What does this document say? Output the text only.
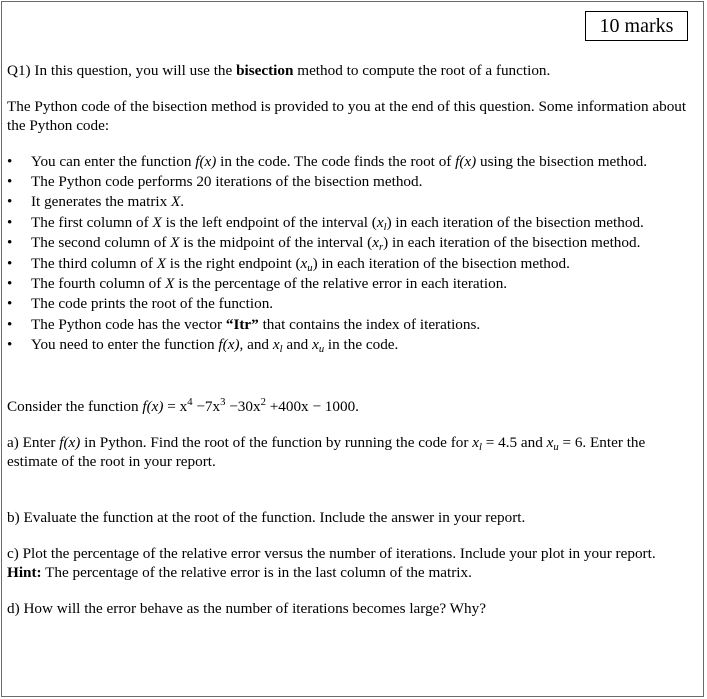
10 marks

Q1) In this question, you will use the bisection method to compute the root of a function.

The Python code of the bisection method is provided to you at the end of this question. Some information about the Python code:

• You can enter the function f(x) in the code. The code finds the root of f(x) using the bisection method.
• The Python code performs 20 iterations of the bisection method.
• It generates the matrix X.
• The first column of X is the left endpoint of the interval $(x_l)$ in each iteration of the bisection method.
• The second column of X is the midpoint of the interval $(x_r)$ in each iteration of the bisection method.
• The third column of X is the right endpoint $(x_u)$ in each iteration of the bisection method.
• The fourth column of X is the percentage of the relative error in each iteration.
• The code prints the root of the function.
• The Python code has the vector “Itr” that contains the index of iterations.
• You need to enter the function f(x), and $x_l$ and $x_u$ in the code.

Consider the function $f(x) = x^4 -7x^3 -30x^2 +400x - 1000$.

a) Enter f(x) in Python. Find the root of the function by running the code for $x_l = 4.5$ and $x_u = 6$. Enter the estimate of the root in your report.

b) Evaluate the function at the root of the function. Include the answer in your report.

c) Plot the percentage of the relative error versus the number of iterations. Include your plot in your report.

Hint: The percentage of the relative error is in the last column of the matrix.

d) How will the error behave as the number of iterations becomes large? Why?
